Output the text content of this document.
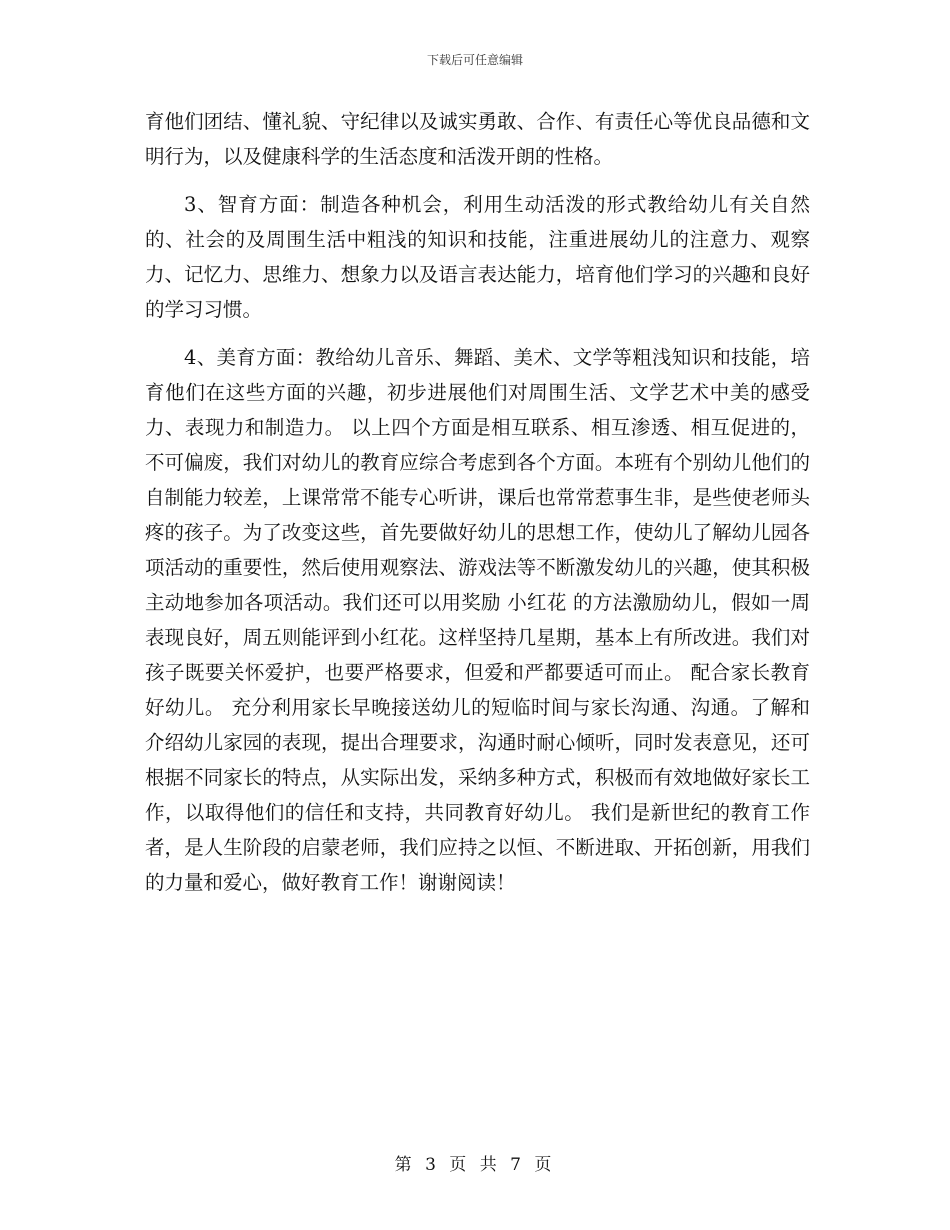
下载后可任意编辑

育他们团结、懂礼貌、守纪律以及诚实勇敢、合作、有责任心等优良品德和文明行为，以及健康科学的生活态度和活泼开朗的性格。

3、智育方面：制造各种机会，利用生动活泼的形式教给幼儿有关自然的、社会的及周围生活中粗浅的知识和技能，注重进展幼儿的注意力、观察力、记忆力、思维力、想象力以及语言表达能力，培育他们学习的兴趣和良好的学习习惯。

4、美育方面：教给幼儿音乐、舞蹈、美术、文学等粗浅知识和技能，培育他们在这些方面的兴趣，初步进展他们对周围生活、文学艺术中美的感受力、表现力和制造力。 以上四个方面是相互联系、相互渗透、相互促进的，不可偏废，我们对幼儿的教育应综合考虑到各个方面。本班有个别幼儿他们的自制能力较差，上课常常不能专心听讲，课后也常常惹事生非，是些使老师头疼的孩子。为了改变这些，首先要做好幼儿的思想工作，使幼儿了解幼儿园各项活动的重要性，然后使用观察法、游戏法等不断激发幼儿的兴趣，使其积极主动地参加各项活动。我们还可以用奖励 小红花 的方法激励幼儿，假如一周表现良好，周五则能评到小红花。这样坚持几星期，基本上有所改进。我们对孩子既要关怀爱护，也要严格要求，但爱和严都要适可而止。 配合家长教育好幼儿。 充分利用家长早晚接送幼儿的短临时间与家长沟通、沟通。了解和介绍幼儿家园的表现，提出合理要求，沟通时耐心倾听，同时发表意见，还可根据不同家长的特点，从实际出发，采纳多种方式，积极而有效地做好家长工作，以取得他们的信任和支持，共同教育好幼儿。 我们是新世纪的教育工作者，是人生阶段的启蒙老师，我们应持之以恒、不断进取、开拓创新，用我们的力量和爱心，做好教育工作！谢谢阅读！

第 3 页 共 7 页
